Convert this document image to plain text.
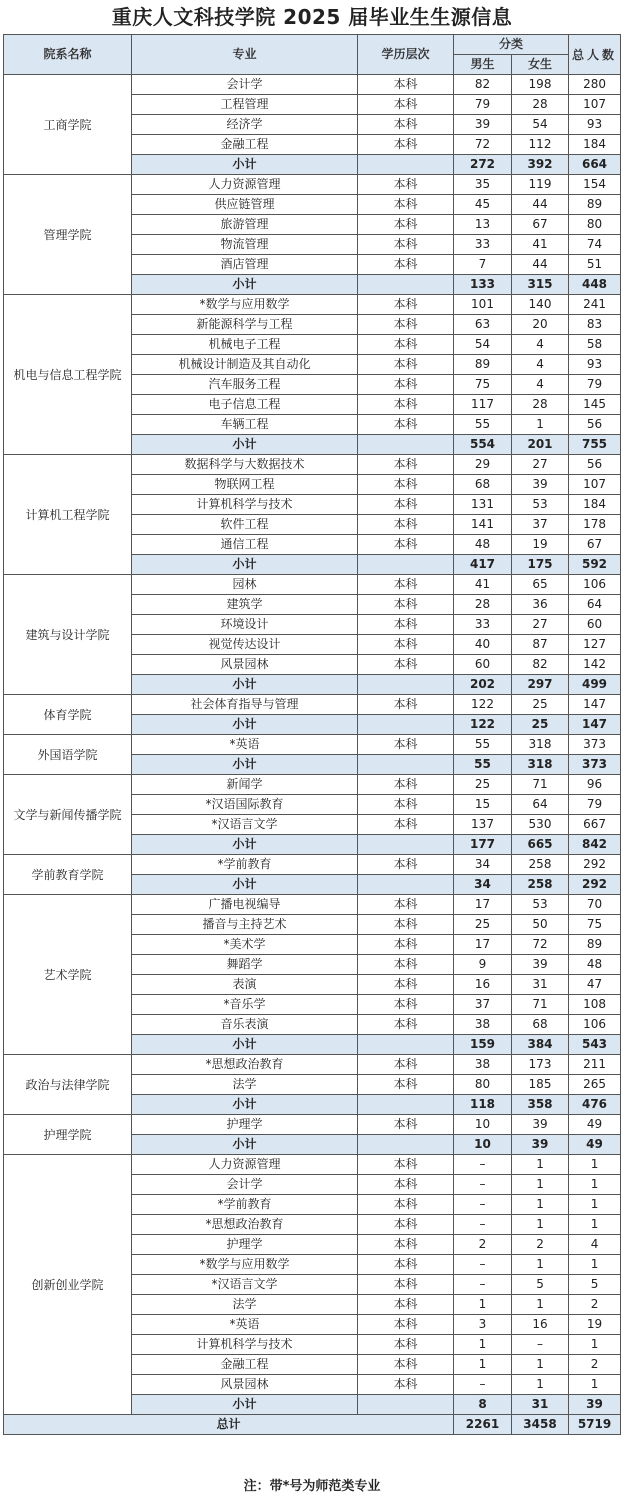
重庆人文科技学院 2025 届毕业生生源信息
院系名称	专业	学历层次	分类		总人数
			男生	女生	
工商学院	会计学	本科	82	198	280
	工程管理	本科	79	28	107
	经济学	本科	39	54	93
	金融工程	本科	72	112	184
	小计		272	392	664
管理学院	人力资源管理	本科	35	119	154
	供应链管理	本科	45	44	89
	旅游管理	本科	13	67	80
	物流管理	本科	33	41	74
	酒店管理	本科	7	44	51
	小计		133	315	448
机电与信息工程学院	*数学与应用数学	本科	101	140	241
	新能源科学与工程	本科	63	20	83
	机械电子工程	本科	54	4	58
	机械设计制造及其自动化	本科	89	4	93
	汽车服务工程	本科	75	4	79
	电子信息工程	本科	117	28	145
	车辆工程	本科	55	1	56
	小计		554	201	755
计算机工程学院	数据科学与大数据技术	本科	29	27	56
	物联网工程	本科	68	39	107
	计算机科学与技术	本科	131	53	184
	软件工程	本科	141	37	178
	通信工程	本科	48	19	67
	小计		417	175	592
建筑与设计学院	园林	本科	41	65	106
	建筑学	本科	28	36	64
	环境设计	本科	33	27	60
	视觉传达设计	本科	40	87	127
	风景园林	本科	60	82	142
	小计		202	297	499
体育学院	社会体育指导与管理	本科	122	25	147
	小计		122	25	147
外国语学院	*英语	本科	55	318	373
	小计		55	318	373
文学与新闻传播学院	新闻学	本科	25	71	96
	*汉语国际教育	本科	15	64	79
	*汉语言文学	本科	137	530	667
	小计		177	665	842
学前教育学院	*学前教育	本科	34	258	292
	小计		34	258	292
艺术学院	广播电视编导	本科	17	53	70
	播音与主持艺术	本科	25	50	75
	*美术学	本科	17	72	89
	舞蹈学	本科	9	39	48
	表演	本科	16	31	47
	*音乐学	本科	37	71	108
	音乐表演	本科	38	68	106
	小计		159	384	543
政治与法律学院	*思想政治教育	本科	38	173	211
	法学	本科	80	185	265
	小计		118	358	476
护理学院	护理学	本科	10	39	49
	小计		10	39	49
创新创业学院	人力资源管理	本科	–	1	1
	会计学	本科	–	1	1
	*学前教育	本科	–	1	1
	*思想政治教育	本科	–	1	1
	护理学	本科	2	2	4
	*数学与应用数学	本科	–	1	1
	*汉语言文学	本科	–	5	5
	法学	本科	1	1	2
	*英语	本科	3	16	19
	计算机科学与技术	本科	1	–	1
	金融工程	本科	1	1	2
	风景园林	本科	–	1	1
	小计		8	31	39
总计			2261	3458	5719
注：带*号为师范类专业
